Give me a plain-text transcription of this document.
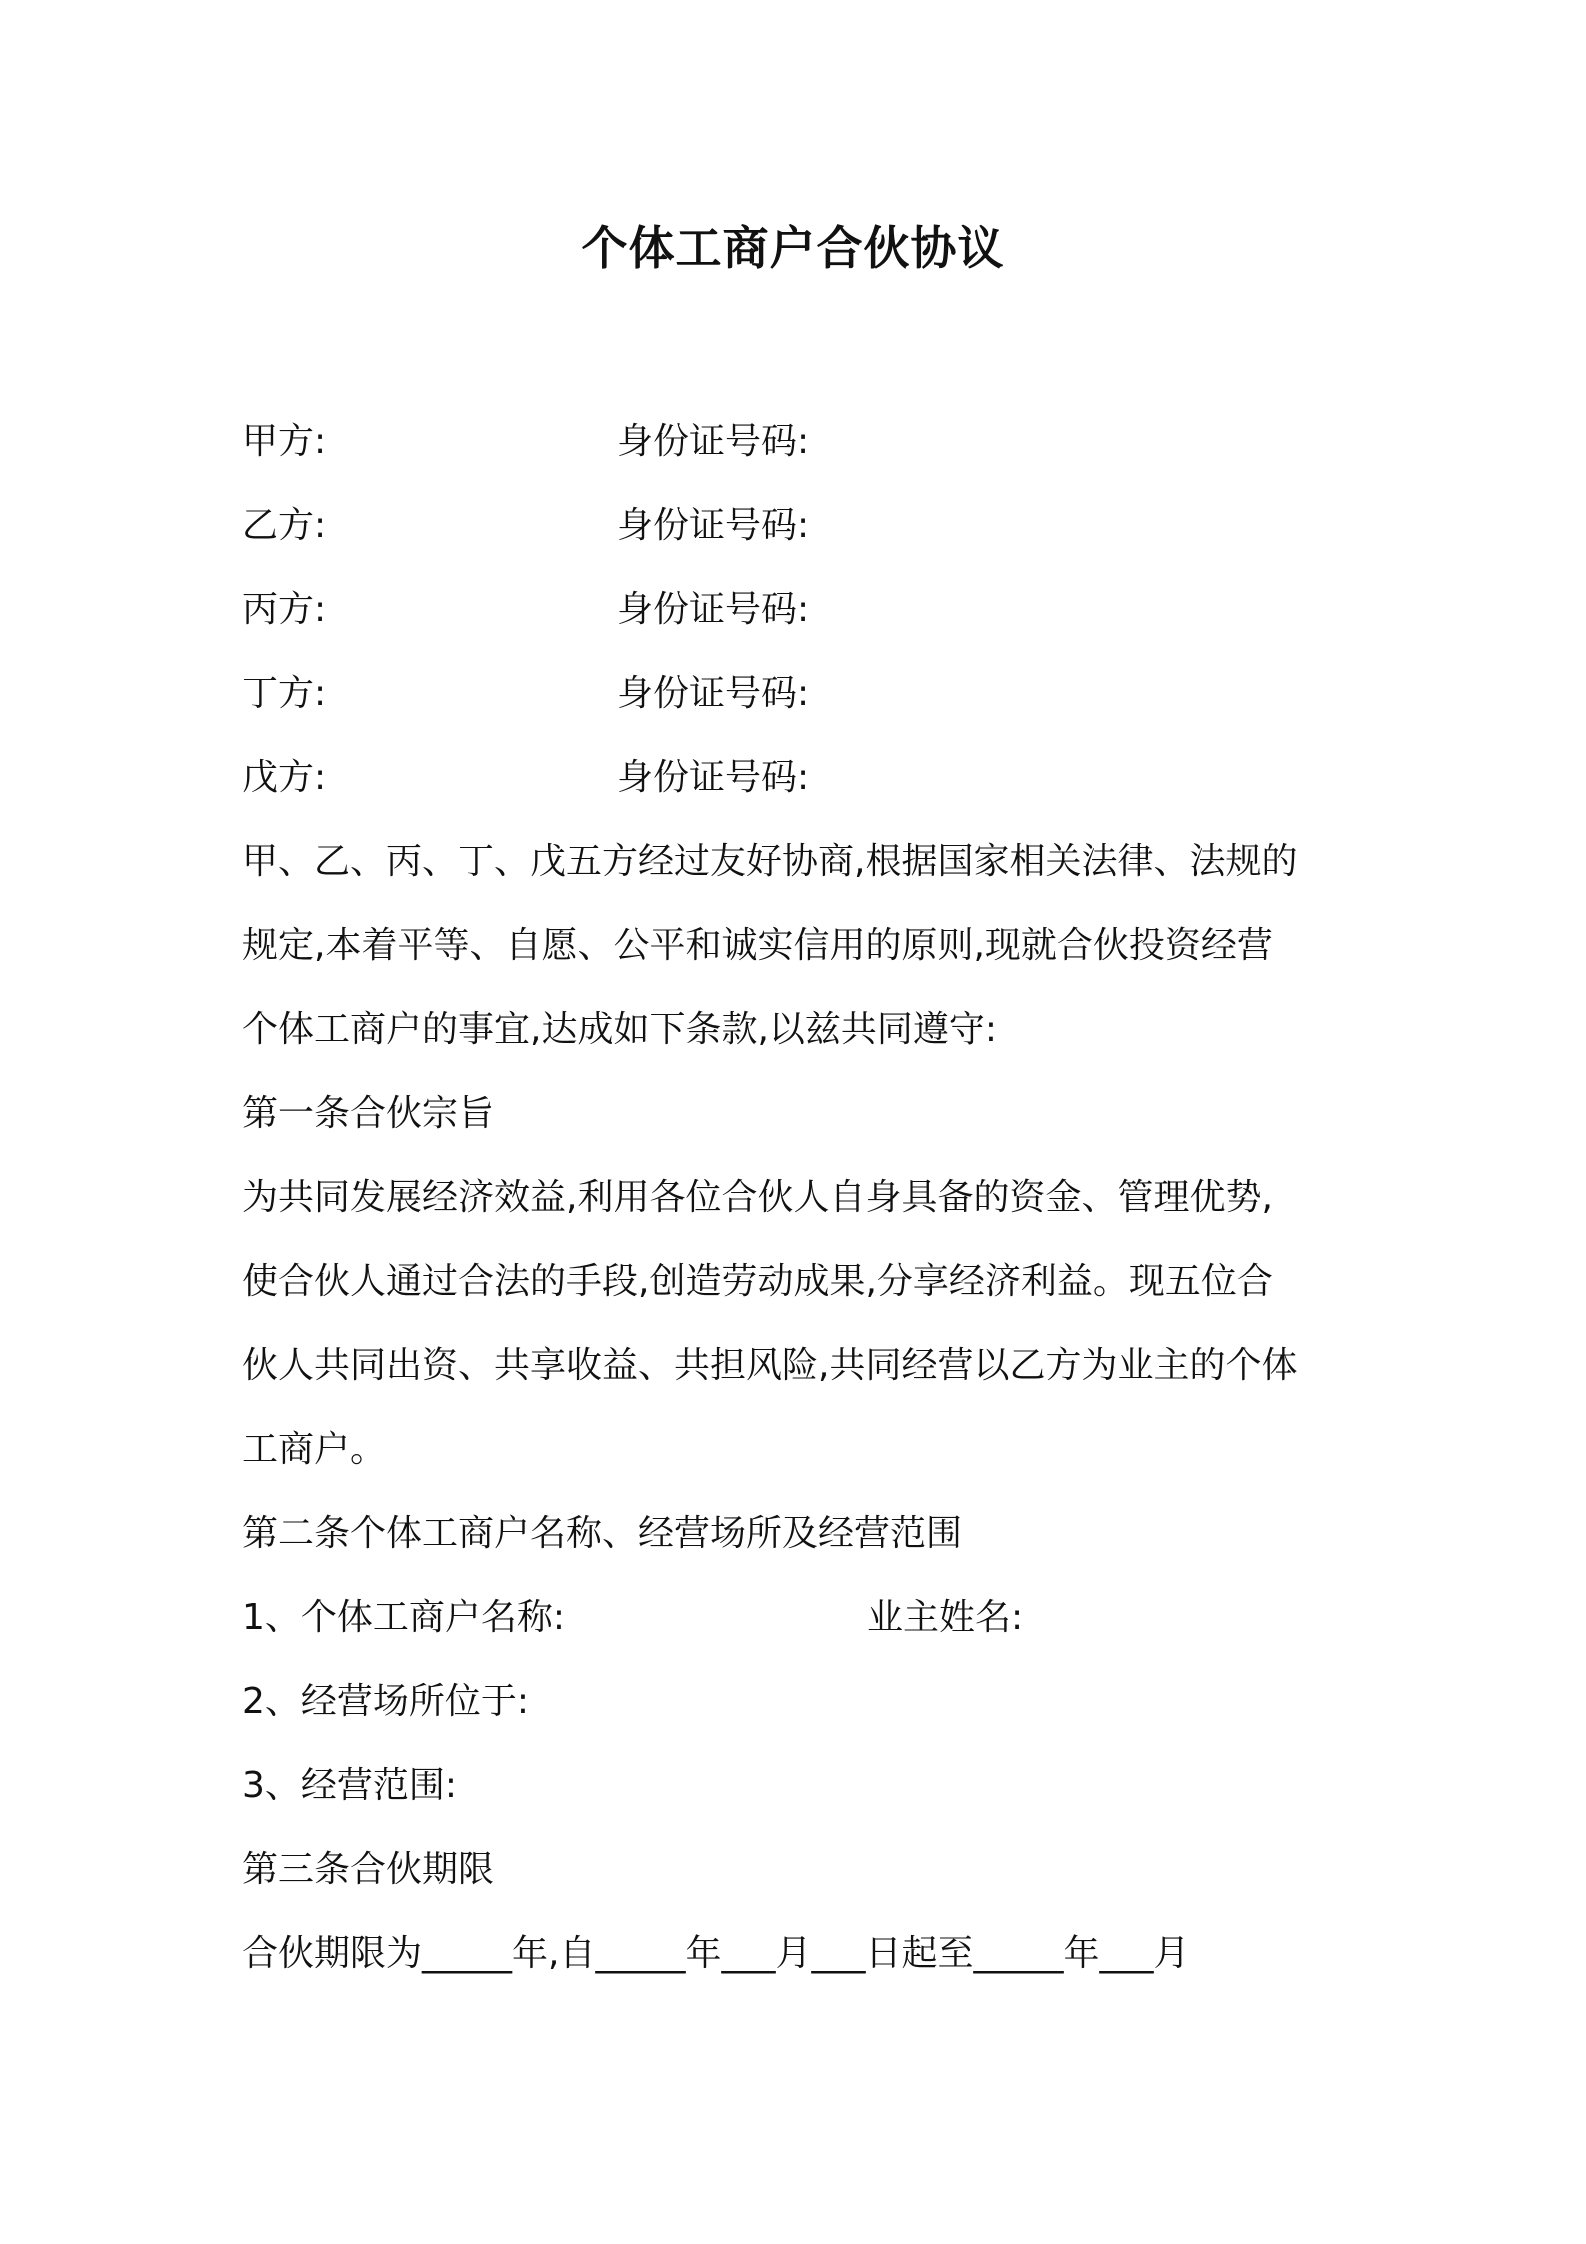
个体工商户合伙协议
甲方:	身份证号码:
乙方:	身份证号码:
丙方:	身份证号码:
丁方:	身份证号码:
戊方:	身份证号码:
甲、乙、丙、丁、戊五方经过友好协商,根据国家相关法律、法规的
规定,本着平等、自愿、公平和诚实信用的原则,现就合伙投资经营
个体工商户的事宜,达成如下条款,以兹共同遵守:
第一条合伙宗旨
为共同发展经济效益,利用各位合伙人自身具备的资金、管理优势,
使合伙人通过合法的手段,创造劳动成果,分享经济利益。现五位合
伙人共同出资、共享收益、共担风险,共同经营以乙方为业主的个体
工商户。
第二条个体工商户名称、经营场所及经营范围
1、个体工商户名称:	业主姓名:
2、经营场所位于:
3、经营范围:
第三条合伙期限
合伙期限为_____年,自_____年___月___日起至_____年___月
